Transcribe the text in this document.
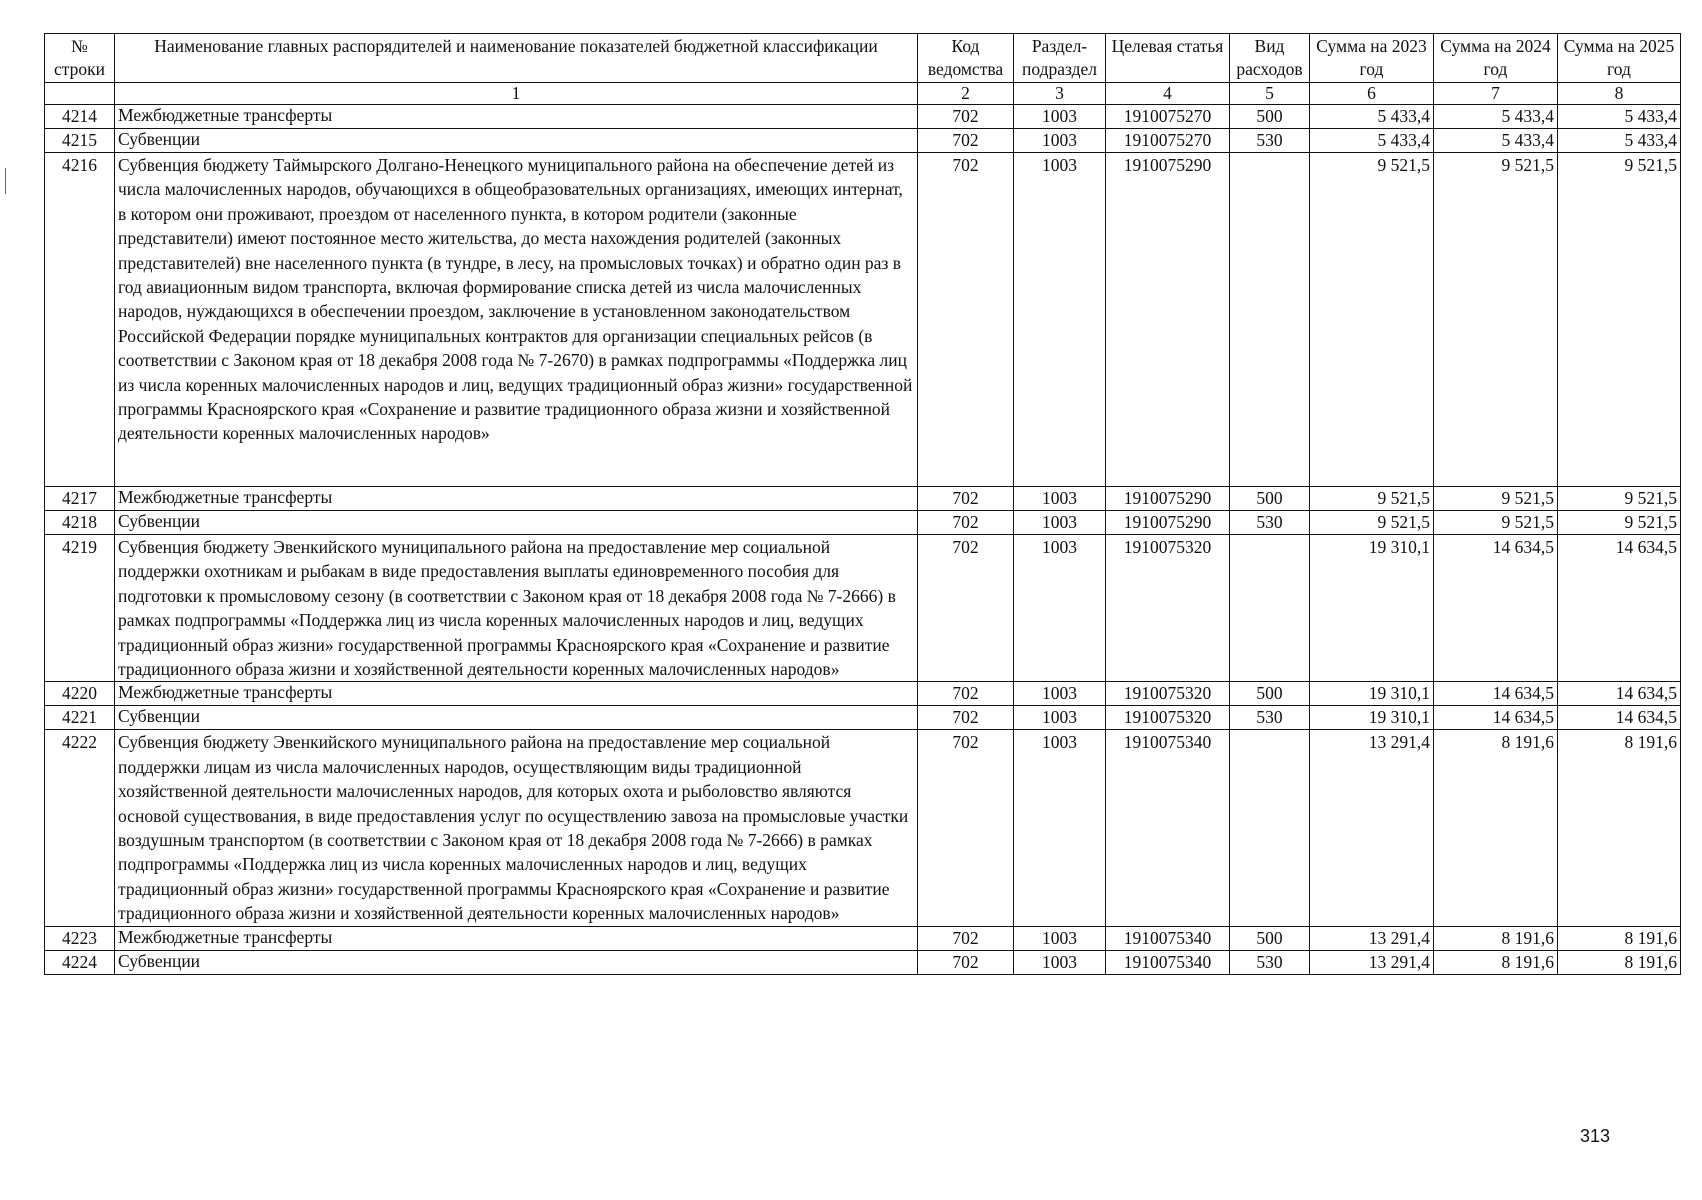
№ строки	Наименование главных распорядителей и наименование показателей бюджетной классификации	Код ведомства	Раздел-подраздел	Целевая статья	Вид расходов	Сумма на 2023 год	Сумма на 2024 год	Сумма на 2025 год
	1	2	3	4	5	6	7	8
4214	Межбюджетные трансферты	702	1003	1910075270	500	5 433,4	5 433,4	5 433,4
4215	Субвенции	702	1003	1910075270	530	5 433,4	5 433,4	5 433,4
4216	Субвенция бюджету Таймырского Долгано-Ненецкого муниципального района на обеспечение детей из числа малочисленных народов, обучающихся в общеобразовательных организациях, имеющих интернат, в котором они проживают, проездом от населенного пункта, в котором родители (законные представители) имеют постоянное место жительства, до места нахождения родителей (законных представителей) вне населенного пункта (в тундре, в лесу, на промысловых точках) и обратно один раз в год авиационным видом транспорта, включая формирование списка детей из числа малочисленных народов, нуждающихся в обеспечении проездом, заключение в установленном законодательством Российской Федерации порядке муниципальных контрактов для организации специальных рейсов (в соответствии с Законом края от 18 декабря 2008 года № 7-2670) в рамках подпрограммы «Поддержка лиц из числа коренных малочисленных народов и лиц, ведущих традиционный образ жизни» государственной программы Красноярского края «Сохранение и развитие традиционного образа жизни и хозяйственной деятельности коренных малочисленных народов»	702	1003	1910075290		9 521,5	9 521,5	9 521,5
4217	Межбюджетные трансферты	702	1003	1910075290	500	9 521,5	9 521,5	9 521,5
4218	Субвенции	702	1003	1910075290	530	9 521,5	9 521,5	9 521,5
4219	Субвенция бюджету Эвенкийского муниципального района на предоставление мер социальной поддержки охотникам и рыбакам в виде предоставления выплаты единовременного пособия для подготовки к промысловому сезону (в соответствии с Законом края от 18 декабря 2008 года № 7-2666) в рамках подпрограммы «Поддержка лиц из числа коренных малочисленных народов и лиц, ведущих традиционный образ жизни» государственной программы Красноярского края «Сохранение и развитие традиционного образа жизни и хозяйственной деятельности коренных малочисленных народов»	702	1003	1910075320		19 310,1	14 634,5	14 634,5
4220	Межбюджетные трансферты	702	1003	1910075320	500	19 310,1	14 634,5	14 634,5
4221	Субвенции	702	1003	1910075320	530	19 310,1	14 634,5	14 634,5
4222	Субвенция бюджету Эвенкийского муниципального района на предоставление мер социальной поддержки лицам из числа малочисленных народов, осуществляющим виды традиционной хозяйственной деятельности малочисленных народов, для которых охота и рыболовство являются основой существования, в виде предоставления услуг по осуществлению завоза на промысловые участки воздушным транспортом (в соответствии с Законом края от 18 декабря 2008 года № 7-2666) в рамках подпрограммы «Поддержка лиц из числа коренных малочисленных народов и лиц, ведущих традиционный образ жизни» государственной программы Красноярского края «Сохранение и развитие традиционного образа жизни и хозяйственной деятельности коренных малочисленных народов»	702	1003	1910075340		13 291,4	8 191,6	8 191,6
4223	Межбюджетные трансферты	702	1003	1910075340	500	13 291,4	8 191,6	8 191,6
4224	Субвенции	702	1003	1910075340	530	13 291,4	8 191,6	8 191,6
313
